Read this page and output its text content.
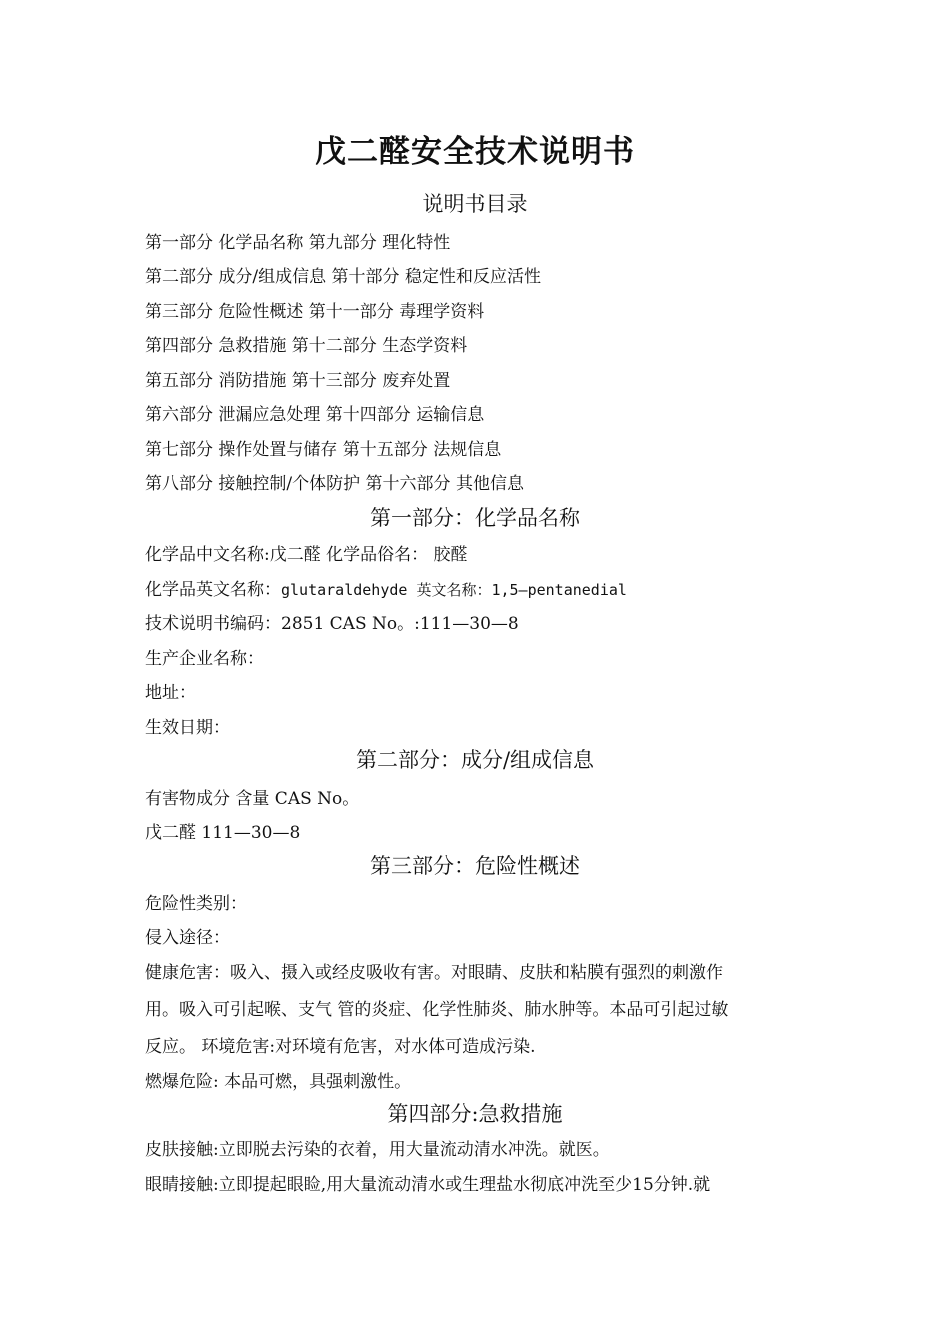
戊二醛安全技术说明书
说明书目录
第一部分 化学品名称 第九部分 理化特性
第二部分 成分/组成信息 第十部分 稳定性和反应活性
第三部分 危险性概述 第十一部分 毒理学资料
第四部分 急救措施 第十二部分 生态学资料
第五部分 消防措施 第十三部分 废弃处置
第六部分 泄漏应急处理 第十四部分 运输信息
第七部分 操作处置与储存 第十五部分 法规信息
第八部分 接触控制/个体防护 第十六部分 其他信息
第一部分：化学品名称
化学品中文名称:戊二醛 化学品俗名： 胶醛
化学品英文名称：glutaraldehyde 英文名称：1,5—pentanedial
技术说明书编码：2851 CAS No。:111—30—8
生产企业名称：
地址：
生效日期：
第二部分：成分/组成信息
有害物成分 含量 CAS No。
戊二醛 111—30—8
第三部分：危险性概述
危险性类别：
侵入途径：
健康危害：吸入、摄入或经皮吸收有害。对眼睛、皮肤和粘膜有强烈的刺激作
用。吸入可引起喉、支气 管的炎症、化学性肺炎、肺水肿等。本品可引起过敏
反应。 环境危害:对环境有危害，对水体可造成污染.
燃爆危险: 本品可燃，具强刺激性。
第四部分:急救措施
皮肤接触:立即脱去污染的衣着，用大量流动清水冲洗。就医。
眼睛接触:立即提起眼睑,用大量流动清水或生理盐水彻底冲洗至少15分钟.就
